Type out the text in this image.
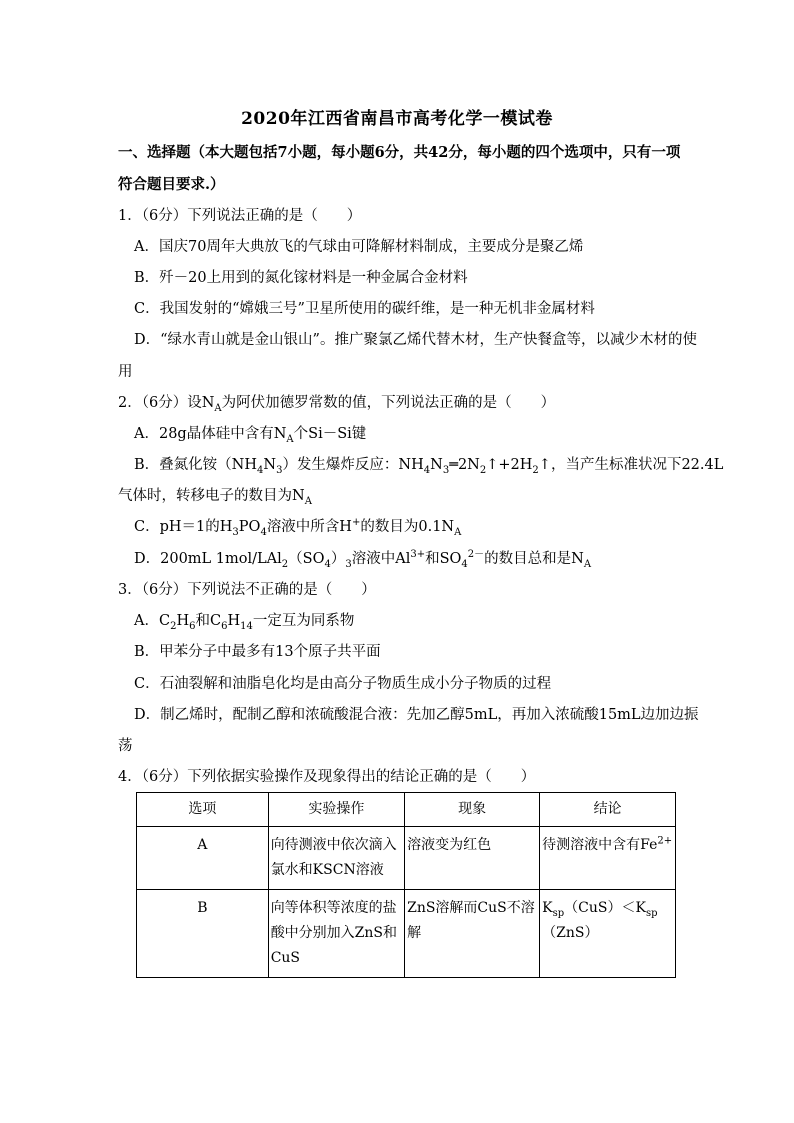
2020年江西省南昌市高考化学一模试卷
一、选择题（本大题包括7小题，每小题6分，共42分，每小题的四个选项中，只有一项
符合题目要求.）
1．（6分）下列说法正确的是（　　）
A．国庆70周年大典放飞的气球由可降解材料制成，主要成分是聚乙烯
B．歼－20上用到的氮化镓材料是一种金属合金材料
C．我国发射的“嫦娥三号”卫星所使用的碳纤维，是一种无机非金属材料
D．“绿水青山就是金山银山”。推广聚氯乙烯代替木材，生产快餐盒等，以减少木材的使
用
2．（6分）设$N_A$为阿伏加德罗常数的值，下列说法正确的是（　　）
A．28g晶体硅中含有$N_A$个Si－Si键
B．叠氮化铵$(NH_4N_3)$发生爆炸反应：$NH_4N_3═2N_2↑+2H_2↑$，当产生标准状况下22.4L
气体时，转移电子的数目为$N_A$
C．pH＝1的$H_3PO_4$溶液中所含H+的数目为$0.1N_A$
D．200mL $1mol/LAl_2(SO_4)_3$溶液中$Al^{3+}$和$SO_4^{2-}$的数目总和是$N_A$
3．（6分）下列说法不正确的是（　　）
A．$C_2H_6$和$C_6H_{14}$一定互为同系物
B．甲苯分子中最多有13个原子共平面
C．石油裂解和油脂皂化均是由高分子物质生成小分子物质的过程
D．制乙烯时，配制乙醇和浓硫酸混合液：先加乙醇5mL，再加入浓硫酸15mL边加边振
荡
4．（6分）下列依据实验操作及现象得出的结论正确的是（　　）
选项	实验操作	现象	结论
A	向待测液中依次滴入氯水和KSCN溶液	溶液变为红色	待测溶液中含有$Fe^{2+}$
B	向等体积等浓度的盐酸中分别加入ZnS和CuS	ZnS溶解而CuS不溶解	$K_{sp}(CuS)<K_{sp}(ZnS)$
